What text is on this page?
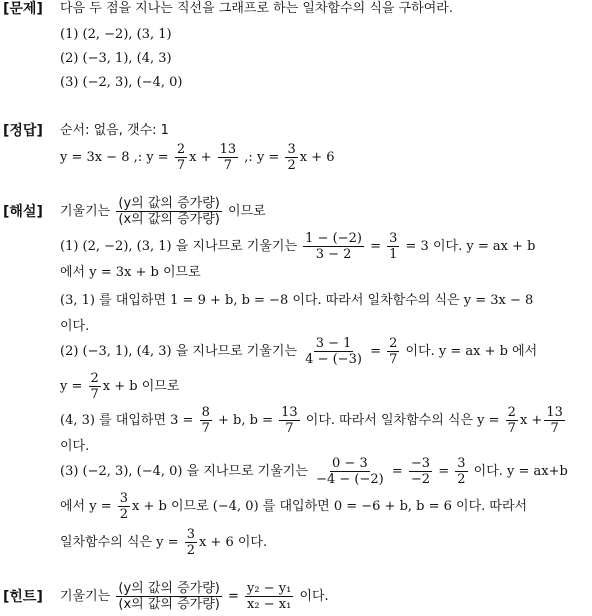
[문제] 다음 두 점을 지나는 직선을 그래프로 하는 일차함수의 식을 구하여라.
(1) (2, −2), (3, 1)
(2) (−3, 1), (4, 3)
(3) (−2, 3), (−4, 0)
[정답] 순서: 없음, 갯수: 1
y = 3x − 8 ,: $y = \frac{2}{7}$ $x + \frac{13}{7}$ ,: $y = \frac{3}{2}$ x + 6
[해설] 기울기는 $\frac{\text{(y의 값의 증가량)}}{\text{(x의 값의 증가량)}}$ 이므로
(1) (2, −2), (3, 1) 을 지나므로 기울기는 $\frac{1 - (-2)}{3 - 2} = \frac{3}{1} = 3$ 이다. y = ax + b
에서 y = 3x + b 이므로
(3, 1) 를 대입하면 1 = 9 + b, b = −8 이다. 따라서 일차함수의 식은 y = 3x − 8
이다.
(2) (−3, 1), (4, 3) 을 지나므로 기울기는 $\frac{3 - 1}{4 - (-3)} = \frac{2}{7}$ 이다. y = ax + b 에서
$y = \frac{2}{7}$ x + b 이므로
(4, 3) 를 대입하면 $3 = \frac{8}{7} + b$, $b = \frac{13}{7}$ 이다. 따라서 일차함수의 식은 $y = \frac{2}{7}$ $x + \frac{13}{7}$
이다.
(3) (−2, 3), (−4, 0) 을 지나므로 기울기는 $\frac{0 - 3}{-4 - (-2)} = \frac{-3}{-2} = \frac{3}{2}$ 이다. y = ax+b
에서 $y = \frac{3}{2}$ x + b 이므로 (−4, 0) 를 대입하면 0 = −6 + b, b = 6 이다. 따라서
일차함수의 식은 $y = \frac{3}{2}$ x + 6 이다.
[힌트] 기울기는 $\frac{\text{(y의 값의 증가량)}}{\text{(x의 값의 증가량)}} = \frac{\text{y₂ − y₁}}{\text{x₂ − x₁}}$ 이다.
